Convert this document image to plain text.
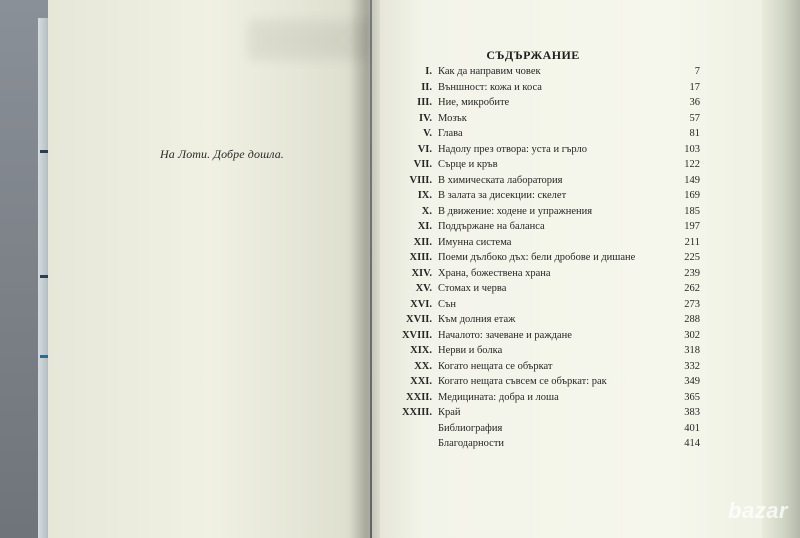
На Лоти. Добре дошла.
СЪДЪРЖАНИЕ
I. Как да направим човек	7
II. Външност: кожа и коса	17
III. Ние, микробите	36
IV. Мозък	57
V. Глава	81
VI. Надолу през отвора: уста и гърло	103
VII. Сърце и кръв	122
VIII. В химическата лаборатория	149
IX. В залата за дисекции: скелет	169
X. В движение: ходене и упражнения	185
XI. Поддържане на баланса	197
XII. Имунна система	211
XIII. Поеми дълбоко дъх: бели дробове и дишане	225
XIV. Храна, божествена храна	239
XV. Стомах и черва	262
XVI. Сън	273
XVII. Към долния етаж	288
XVIII. Началото: зачеване и раждане	302
XIX. Нерви и болка	318
XX. Когато нещата се объркат	332
XXI. Когато нещата съвсем се объркат: рак	349
XXII. Медицината: добра и лоша	365
XXIII. Край	383
Библиография	401
Благодарности	414
bazar
